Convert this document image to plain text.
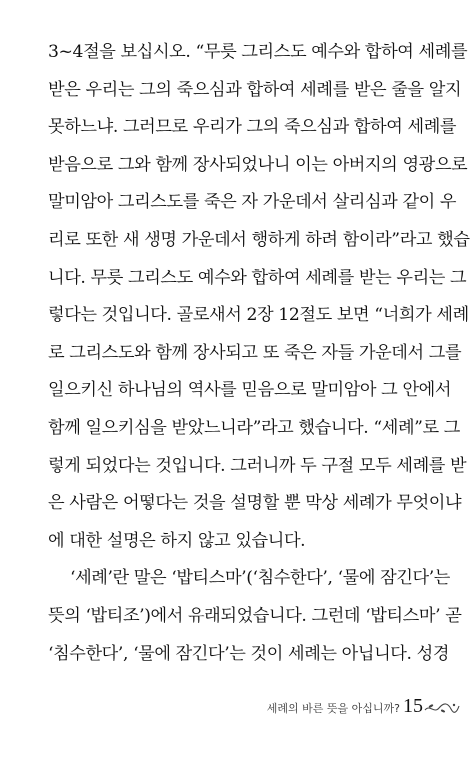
3~4절을 보십시오. “무릇 그리스도 예수와 합하여 세례를
받은 우리는 그의 죽으심과 합하여 세례를 받은 줄을 알지
못하느냐. 그러므로 우리가 그의 죽으심과 합하여 세례를
받음으로 그와 함께 장사되었나니 이는 아버지의 영광으로
말미암아 그리스도를 죽은 자 가운데서 살리심과 같이 우
리로 또한 새 생명 가운데서 행하게 하려 함이라”라고 했습
니다. 무릇 그리스도 예수와 합하여 세례를 받는 우리는 그
렇다는 것입니다. 골로새서 2장 12절도 보면 “너희가 세례
로 그리스도와 함께 장사되고 또 죽은 자들 가운데서 그를
일으키신 하나님의 역사를 믿음으로 말미암아 그 안에서
함께 일으키심을 받았느니라”라고 했습니다. “세례”로 그
렇게 되었다는 것입니다. 그러니까 두 구절 모두 세례를 받
은 사람은 어떻다는 것을 설명할 뿐 막상 세례가 무엇이냐
에 대한 설명은 하지 않고 있습니다.
‘세례’란 말은 ‘밥티스마’(‘침수한다’, ‘물에 잠긴다’는
뜻의 ‘밥티조’)에서 유래되었습니다. 그런데 ‘밥티스마’ 곧
‘침수한다’, ‘물에 잠긴다’는 것이 세례는 아닙니다. 성경
세례의 바른 뜻을 아십니까? 15
